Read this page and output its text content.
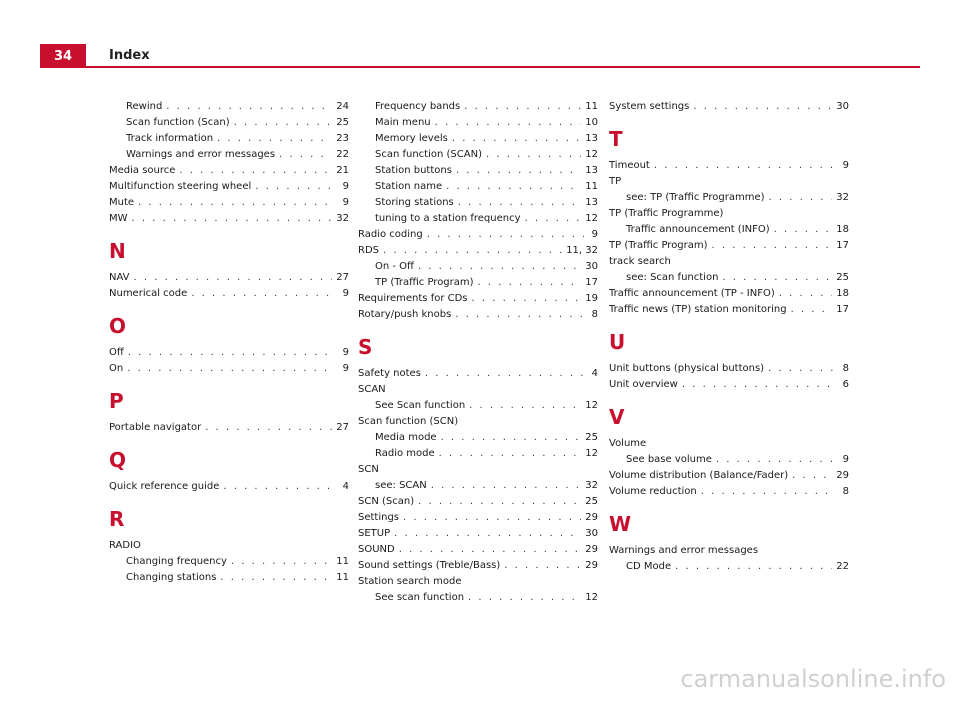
34	Index
Rewind . . .	24
Scan function (Scan) . . .	25
Track information . . .	23
Warnings and error messages . . .	22
Media source . . .	21
Multifunction steering wheel . . .	9
Mute . . .	9
MW . . .	32
N
NAV . . .	27
Numerical code . . .	9
O
Off . . .	9
On . . .	9
P
Portable navigator . . .	27
Q
Quick reference guide . . .	4
R
RADIO
Changing frequency . . .	11
Changing stations . . .	11
Frequency bands . . .	11
Main menu . . .	10
Memory levels . . .	13
Scan function (SCAN) . . .	12
Station buttons . . .	13
Station name . . .	11
Storing stations . . .	13
tuning to a station frequency . . .	12
Radio coding . . .	9
RDS . . .	11, 32
On - Off . . .	30
TP (Traffic Program) . . .	17
Requirements for CDs . . .	19
Rotary/push knobs . . .	8
S
Safety notes . . .	4
SCAN
See Scan function . . .	12
Scan function (SCN)
Media mode . . .	25
Radio mode . . .	12
SCN
see: SCAN . . .	32
SCN (Scan) . . .	25
Settings . . .	29
SETUP . . .	30
SOUND . . .	29
Sound settings (Treble/Bass) . . .	29
Station search mode
See scan function . . .	12
System settings . . .	30
T
Timeout . . .	9
TP
see: TP (Traffic Programme) . . .	32
TP (Traffic Programme)
Traffic announcement (INFO) . . .	18
TP (Traffic Program) . . .	17
track search
see: Scan function . . .	25
Traffic announcement (TP - INFO) . . .	18
Traffic news (TP) station monitoring . . .	17
U
Unit buttons (physical buttons) . . .	8
Unit overview . . .	6
V
Volume
See base volume . . .	9
Volume distribution (Balance/Fader) . . .	29
Volume reduction . . .	8
W
Warnings and error messages
CD Mode . . .	22
carmanualsonline.info
